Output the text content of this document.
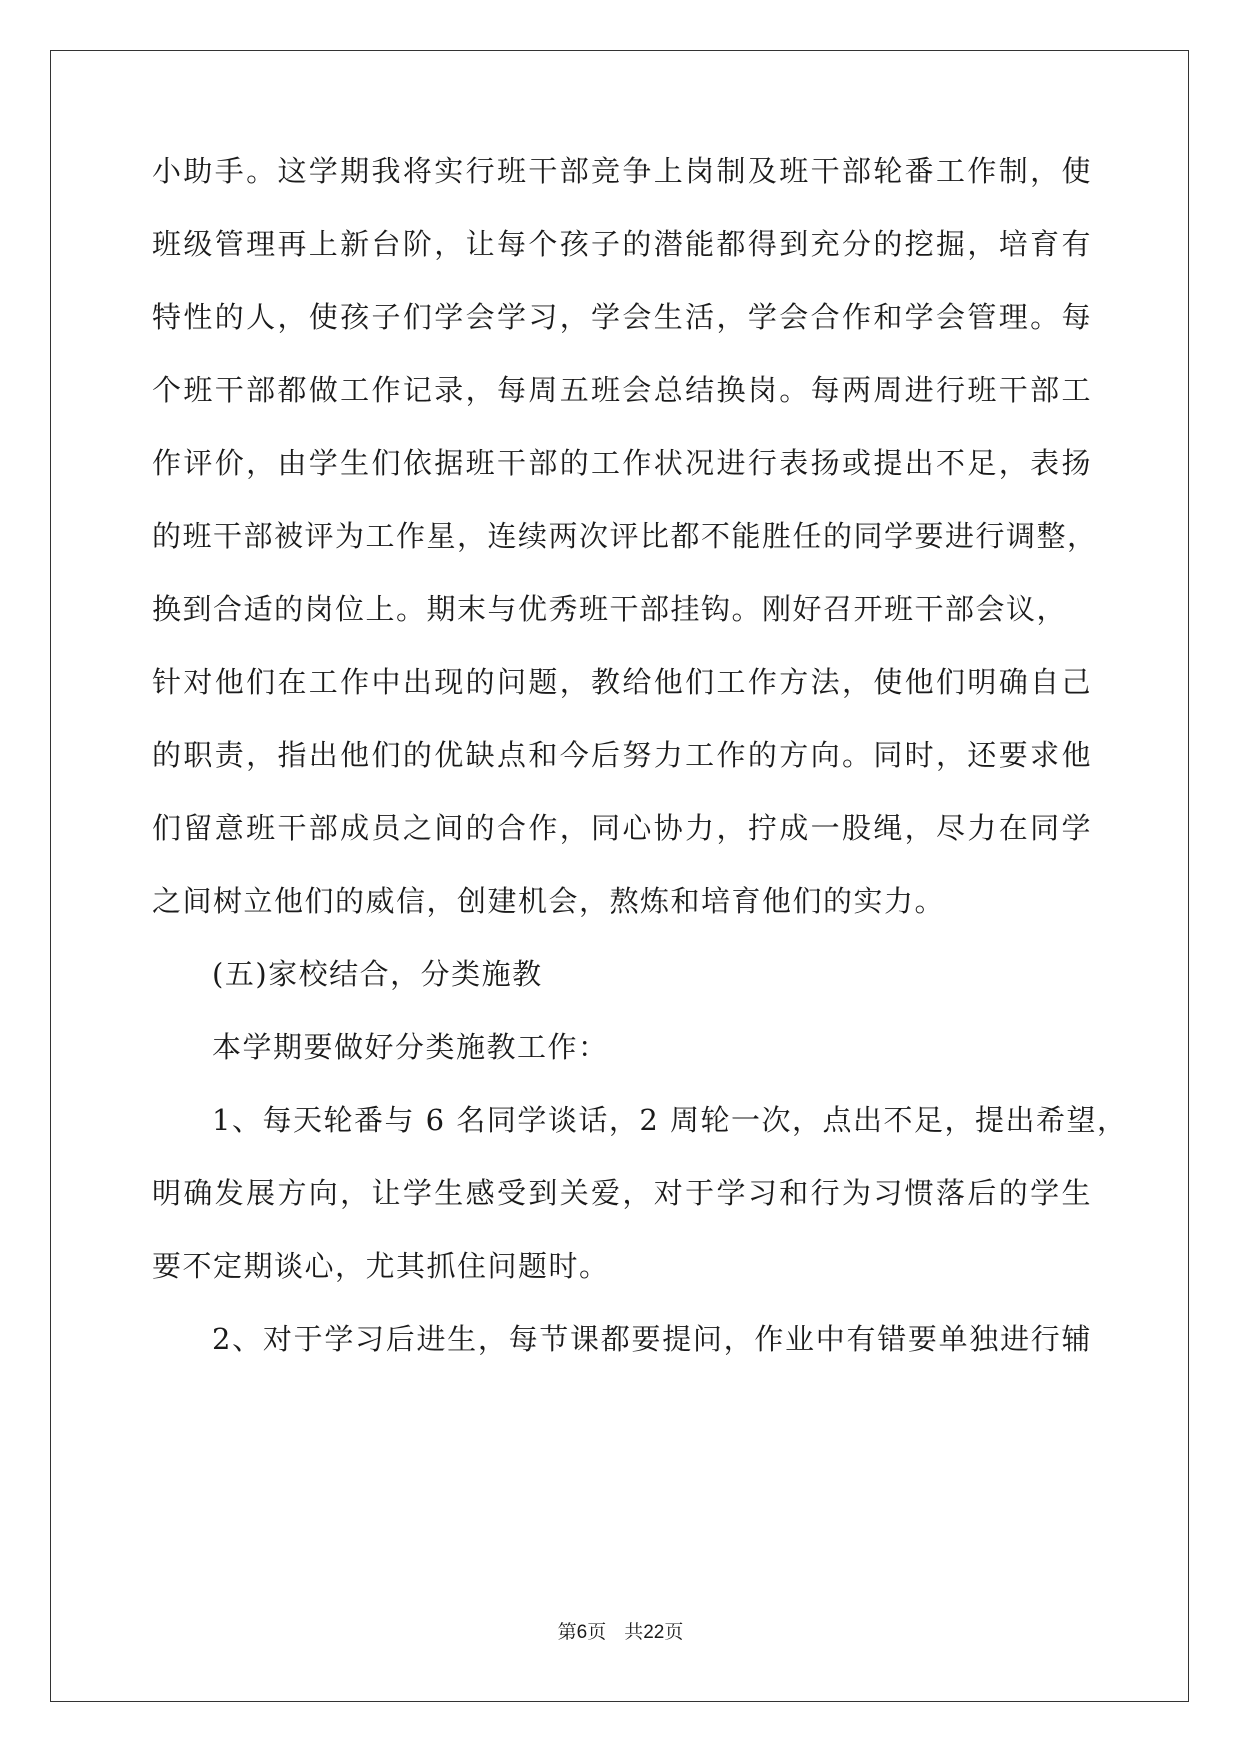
小助手。这学期我将实行班干部竞争上岗制及班干部轮番工作制，使
班级管理再上新台阶，让每个孩子的潜能都得到充分的挖掘，培育有
特性的人，使孩子们学会学习，学会生活，学会合作和学会管理。每
个班干部都做工作记录，每周五班会总结换岗。每两周进行班干部工
作评价，由学生们依据班干部的工作状况进行表扬或提出不足，表扬
的班干部被评为工作星，连续两次评比都不能胜任的同学要进行调整，
换到合适的岗位上。期末与优秀班干部挂钩。刚好召开班干部会议，
针对他们在工作中出现的问题，教给他们工作方法，使他们明确自己
的职责，指出他们的优缺点和今后努力工作的方向。同时，还要求他
们留意班干部成员之间的合作，同心协力，拧成一股绳，尽力在同学
之间树立他们的威信，创建机会，熬炼和培育他们的实力。
(五)家校结合，分类施教
本学期要做好分类施教工作：
1、每天轮番与 6 名同学谈话，2 周轮一次，点出不足，提出希望，
明确发展方向，让学生感受到关爱，对于学习和行为习惯落后的学生
要不定期谈心，尤其抓住问题时。
2、对于学习后进生，每节课都要提问，作业中有错要单独进行辅
第6页 共22页
